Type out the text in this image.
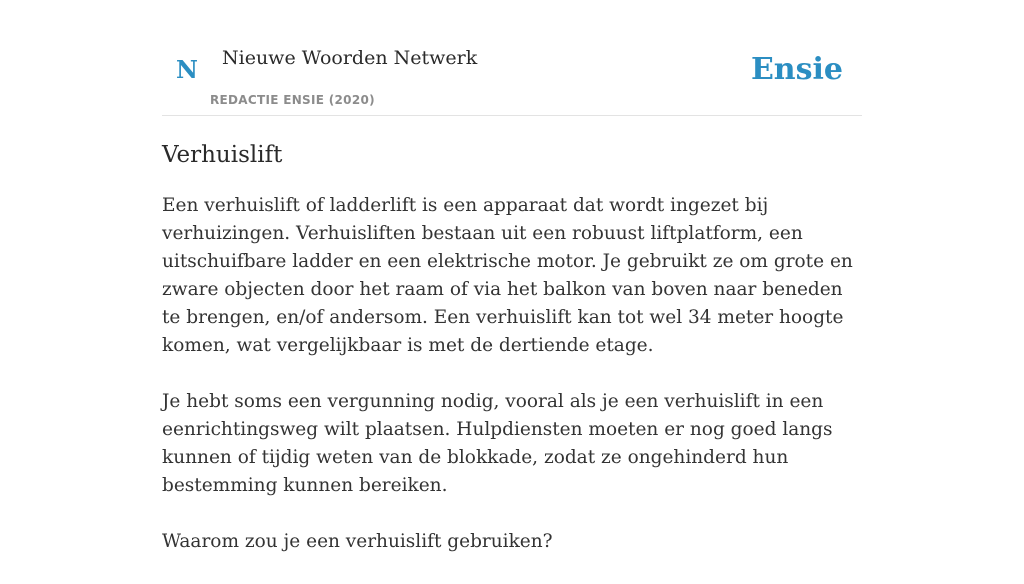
N Nieuwe Woorden Netwerk
REDACTIE ENSIE (2020)
Ensie
Verhuislift

Een verhuislift of ladderlift is een apparaat dat wordt ingezet bij verhuizingen. Verhuisliften bestaan uit een robuust liftplatform, een uitschuifbare ladder en een elektrische motor. Je gebruikt ze om grote en zware objecten door het raam of via het balkon van boven naar beneden te brengen, en/of andersom. Een verhuislift kan tot wel 34 meter hoogte komen, wat vergelijkbaar is met de dertiende etage.

Je hebt soms een vergunning nodig, vooral als je een verhuislift in een eenrichtingsweg wilt plaatsen. Hulpdiensten moeten er nog goed langs kunnen of tijdig weten van de blokkade, zodat ze ongehinderd hun bestemming kunnen bereiken.

Waarom zou je een verhuislift gebruiken?
